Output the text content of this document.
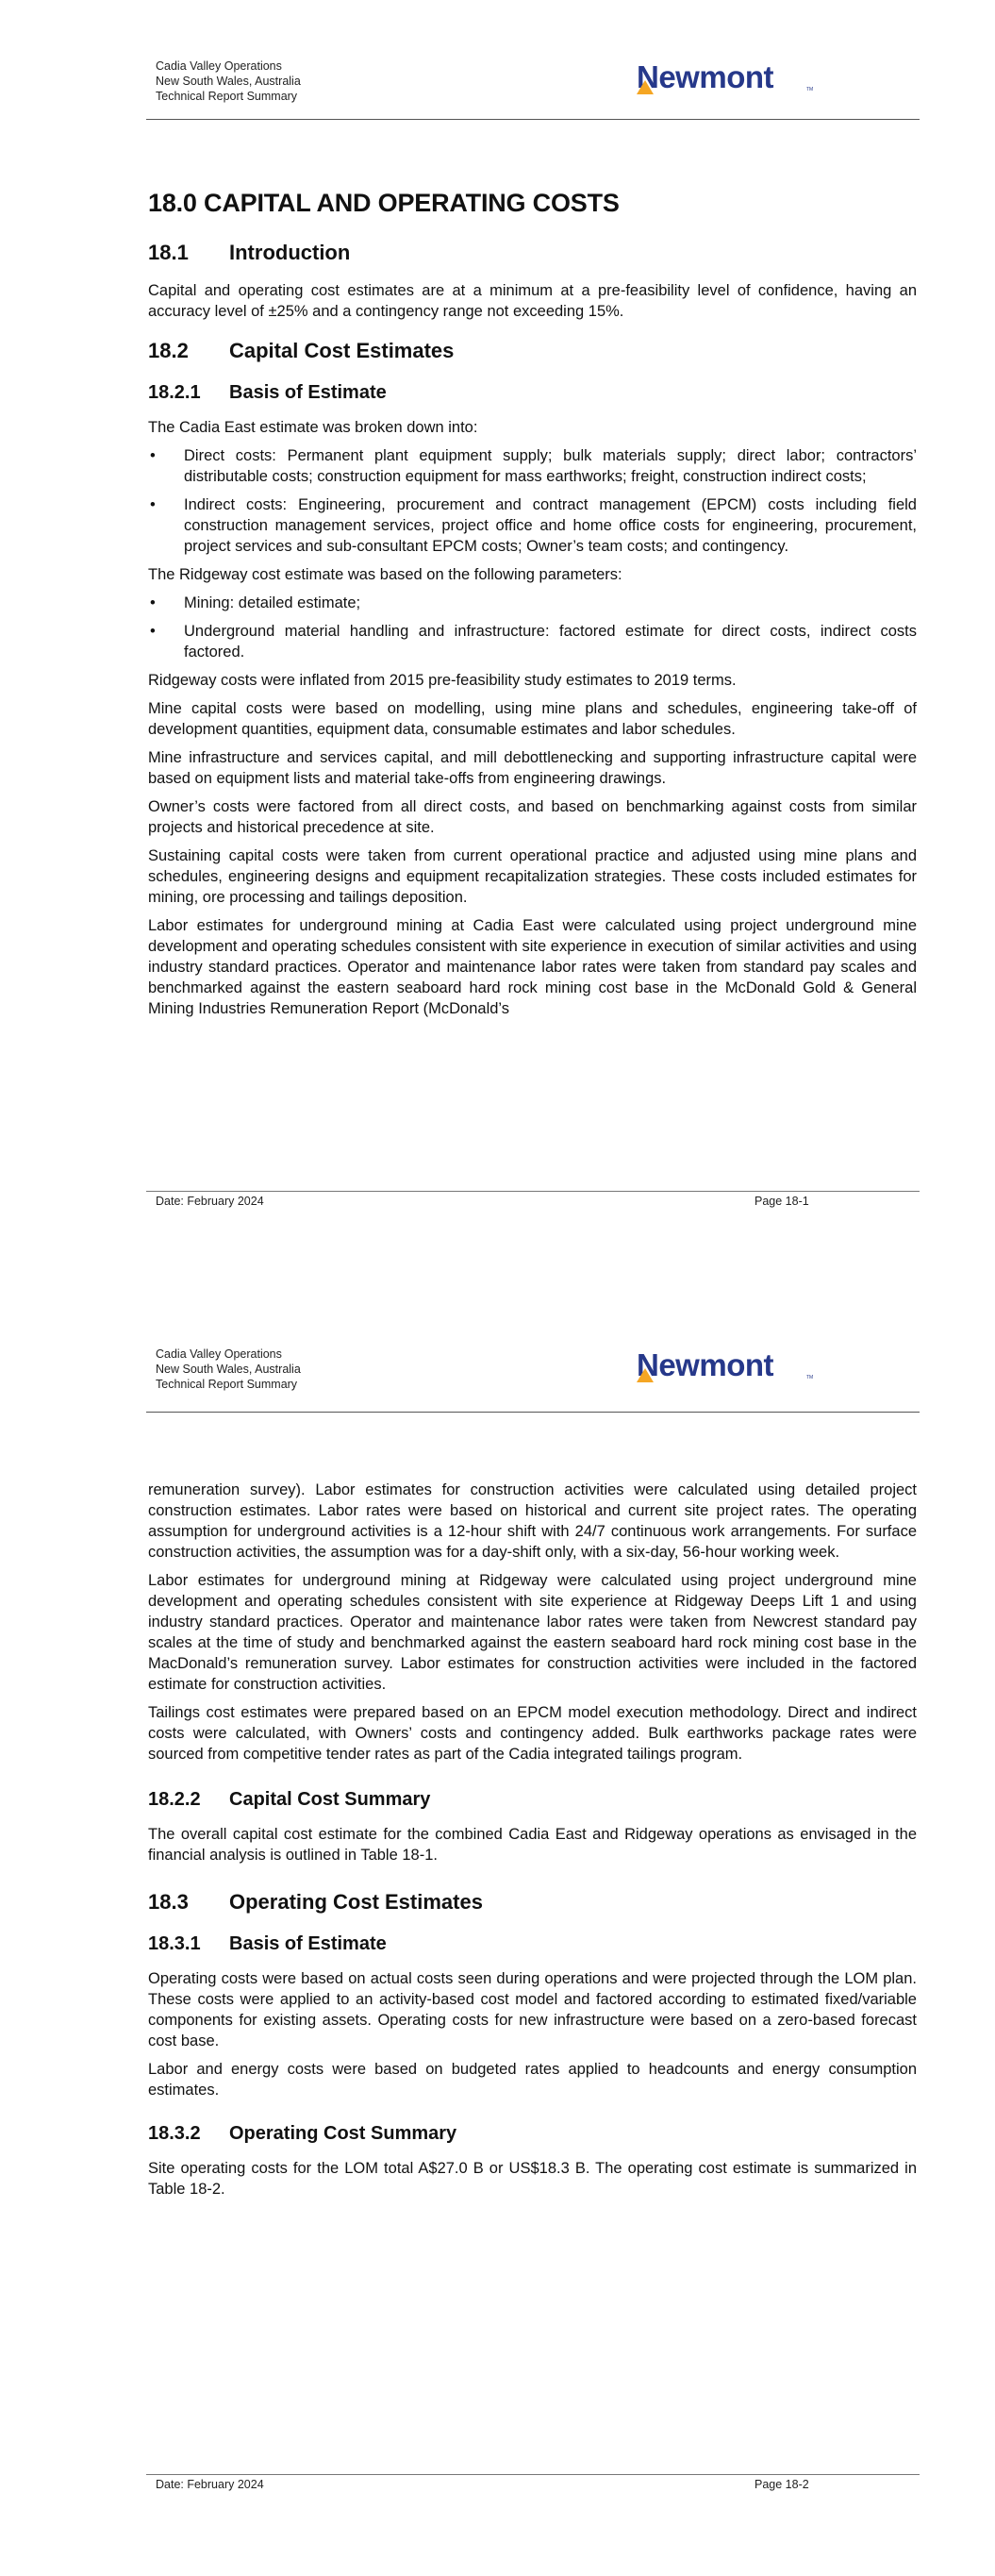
Cadia Valley Operations
New South Wales, Australia
Technical Report Summary
Newmont	TM
18.0 CAPITAL AND OPERATING COSTS
18.1 Introduction

Capital and operating cost estimates are at a minimum at a pre-feasibility level of confidence, having an accuracy level of ±25% and a contingency range not exceeding 15%.

18.2 Capital Cost Estimates
18.2.1 Basis of Estimate

The Cadia East estimate was broken down into:

• Direct costs: Permanent plant equipment supply; bulk materials supply; direct labor; contractors’ distributable costs; construction equipment for mass earthworks; freight, construction indirect costs;
• Indirect costs: Engineering, procurement and contract management (EPCM) costs including field construction management services, project office and home office costs for engineering, procurement, project services and sub-consultant EPCM costs; Owner’s team costs; and contingency.

The Ridgeway cost estimate was based on the following parameters:

• Mining: detailed estimate;
• Underground material handling and infrastructure: factored estimate for direct costs, indirect costs factored.

Ridgeway costs were inflated from 2015 pre-feasibility study estimates to 2019 terms.

Mine capital costs were based on modelling, using mine plans and schedules, engineering take-off of development quantities, equipment data, consumable estimates and labor schedules.

Mine infrastructure and services capital, and mill debottlenecking and supporting infrastructure capital were based on equipment lists and material take-offs from engineering drawings.

Owner’s costs were factored from all direct costs, and based on benchmarking against costs from similar projects and historical precedence at site.

Sustaining capital costs were taken from current operational practice and adjusted using mine plans and schedules, engineering designs and equipment recapitalization strategies. These costs included estimates for mining, ore processing and tailings deposition.

Labor estimates for underground mining at Cadia East were calculated using project underground mine development and operating schedules consistent with site experience in execution of similar activities and using industry standard practices. Operator and maintenance labor rates were taken from standard pay scales and benchmarked against the eastern seaboard hard rock mining cost base in the McDonald Gold & General Mining Industries Remuneration Report (McDonald’s

Date: February 2024	Page 18-1
Cadia Valley Operations
New South Wales, Australia
Technical Report Summary
Newmont	TM

remuneration survey). Labor estimates for construction activities were calculated using detailed project construction estimates. Labor rates were based on historical and current site project rates. The operating assumption for underground activities is a 12-hour shift with 24/7 continuous work arrangements. For surface construction activities, the assumption was for a day-shift only, with a six-day, 56-hour working week.

Labor estimates for underground mining at Ridgeway were calculated using project underground mine development and operating schedules consistent with site experience at Ridgeway Deeps Lift 1 and using industry standard practices. Operator and maintenance labor rates were taken from Newcrest standard pay scales at the time of study and benchmarked against the eastern seaboard hard rock mining cost base in the MacDonald’s remuneration survey. Labor estimates for construction activities were included in the factored estimate for construction activities.

Tailings cost estimates were prepared based on an EPCM model execution methodology. Direct and indirect costs were calculated, with Owners’ costs and contingency added. Bulk earthworks package rates were sourced from competitive tender rates as part of the Cadia integrated tailings program.

18.2.2 Capital Cost Summary

The overall capital cost estimate for the combined Cadia East and Ridgeway operations as envisaged in the financial analysis is outlined in Table 18-1.

18.3 Operating Cost Estimates
18.3.1 Basis of Estimate

Operating costs were based on actual costs seen during operations and were projected through the LOM plan. These costs were applied to an activity-based cost model and factored according to estimated fixed/variable components for existing assets. Operating costs for new infrastructure were based on a zero-based forecast cost base.

Labor and energy costs were based on budgeted rates applied to headcounts and energy consumption estimates.

18.3.2 Operating Cost Summary

Site operating costs for the LOM total A$27.0 B or US$18.3 B. The operating cost estimate is summarized in Table 18-2.

Date: February 2024	Page 18-2
